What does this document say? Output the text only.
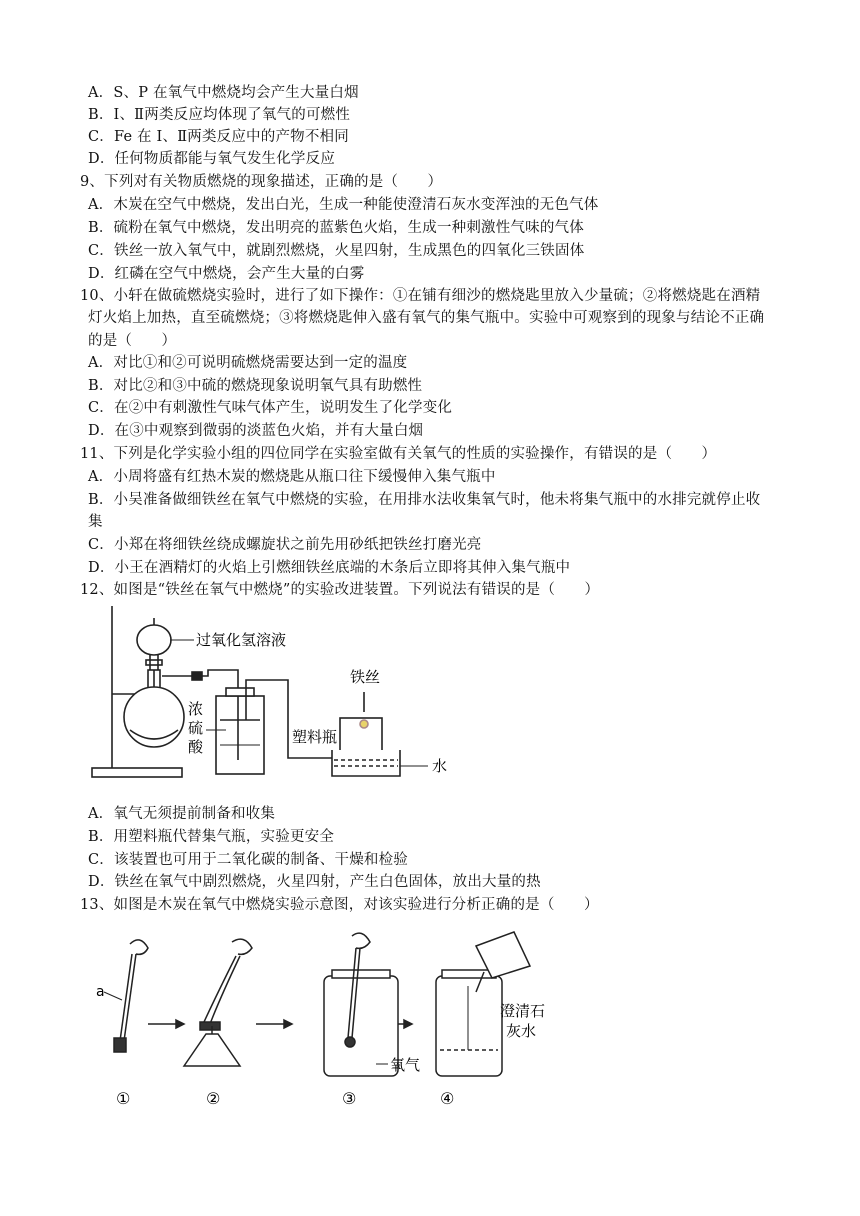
A．S、P 在氧气中燃烧均会产生大量白烟
B．I、Ⅱ两类反应均体现了氧气的可燃性
C．Fe 在 I、Ⅱ两类反应中的产物不相同
D．任何物质都能与氧气发生化学反应
9、下列对有关物质燃烧的现象描述，正确的是（　　）
A．木炭在空气中燃烧，发出白光，生成一种能使澄清石灰水变浑浊的无色气体
B．硫粉在氧气中燃烧，发出明亮的蓝紫色火焰，生成一种刺激性气味的气体
C．铁丝一放入氧气中，就剧烈燃烧，火星四射，生成黑色的四氧化三铁固体
D．红磷在空气中燃烧，会产生大量的白雾
10、小轩在做硫燃烧实验时，进行了如下操作：①在铺有细沙的燃烧匙里放入少量硫；②将燃烧匙在酒精
灯火焰上加热，直至硫燃烧；③将燃烧匙伸入盛有氧气的集气瓶中。实验中可观察到的现象与结论不正确
的是（　　）
A．对比①和②可说明硫燃烧需要达到一定的温度
B．对比②和③中硫的燃烧现象说明氧气具有助燃性
C．在②中有刺激性气味气体产生，说明发生了化学变化
D．在③中观察到微弱的淡蓝色火焰，并有大量白烟
11、下列是化学实验小组的四位同学在实验室做有关氧气的性质的实验操作，有错误的是（　　）
A．小周将盛有红热木炭的燃烧匙从瓶口往下缓慢伸入集气瓶中
B．小吴准备做细铁丝在氧气中燃烧的实验，在用排水法收集氧气时，他未将集气瓶中的水排完就停止收
集
C．小郑在将细铁丝绕成螺旋状之前先用砂纸把铁丝打磨光亮
D．小王在酒精灯的火焰上引燃细铁丝底端的木条后立即将其伸入集气瓶中
12、如图是“铁丝在氧气中燃烧”的实验改进装置。下列说法有错误的是（　　）
过氧化氢溶液
浓
硫
酸
铁丝
塑料瓶
水
A．氧气无须提前制备和收集
B．用塑料瓶代替集气瓶，实验更安全
C．该装置也可用于二氧化碳的制备、干燥和检验
D．铁丝在氧气中剧烈燃烧，火星四射，产生白色固体，放出大量的热
13、如图是木炭在氧气中燃烧实验示意图，对该实验进行分析正确的是（　　）
a
氧气
澄清石
灰水
①	②	③	④
